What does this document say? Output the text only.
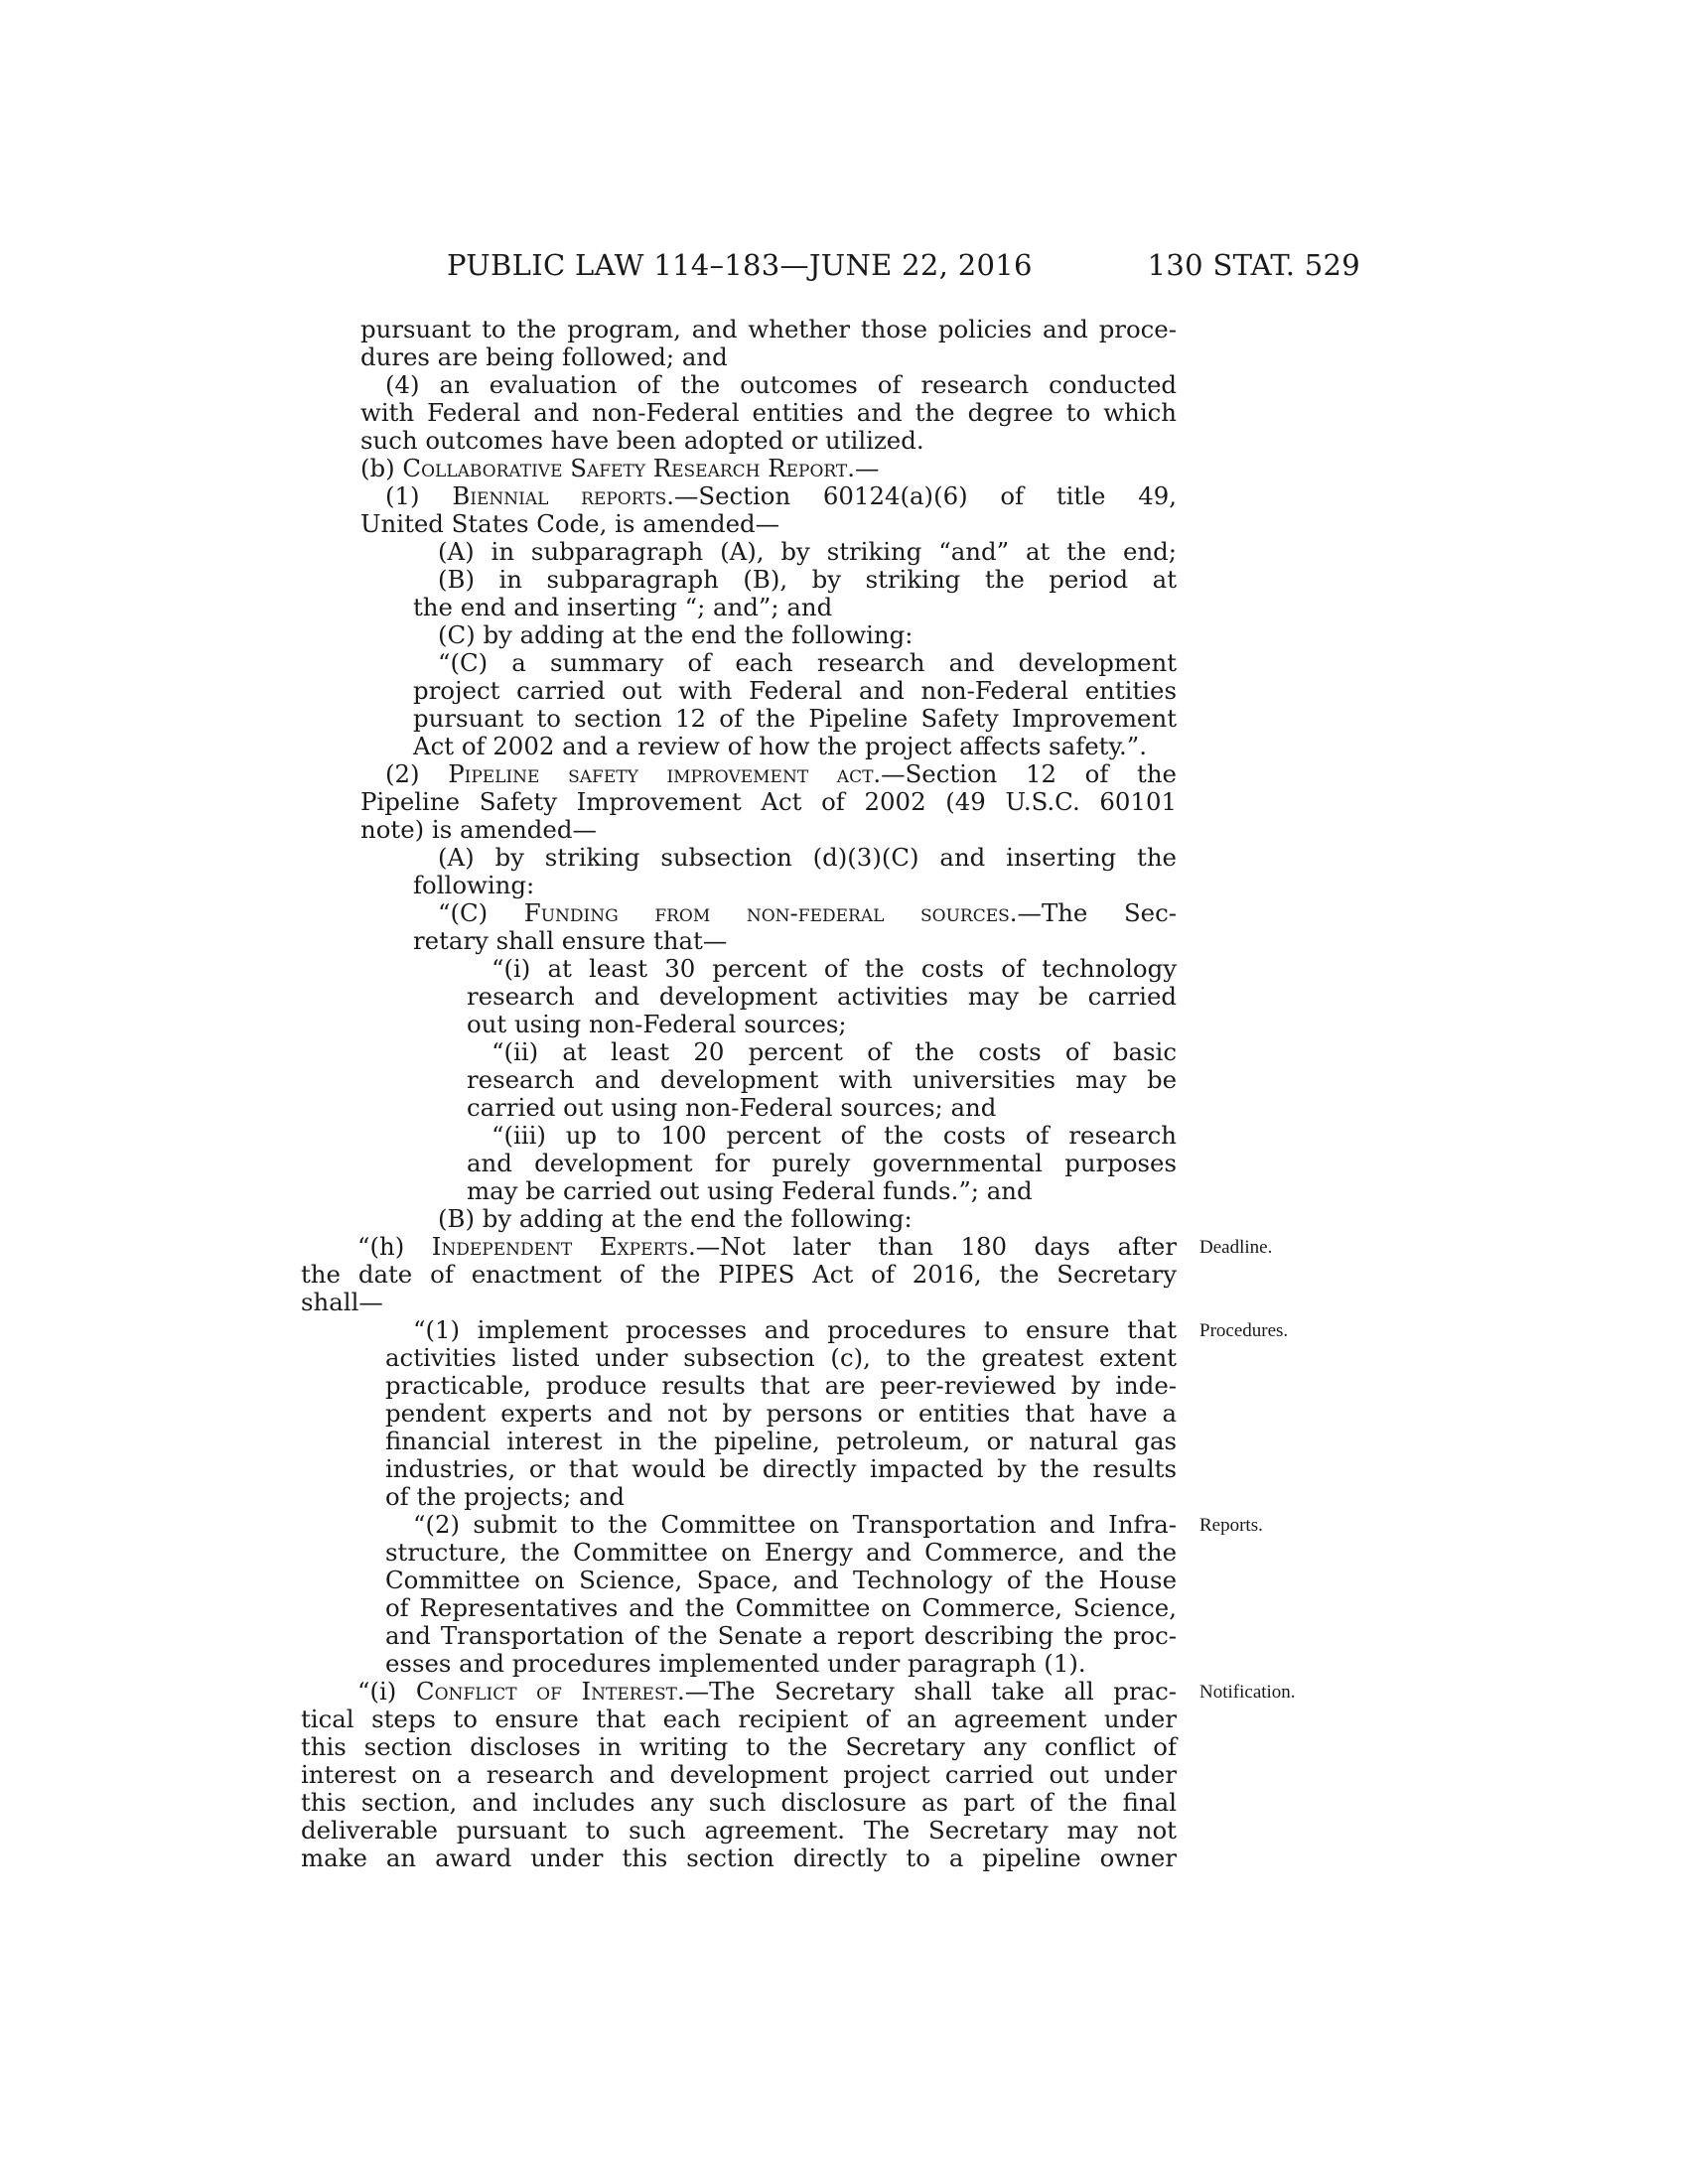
PUBLIC LAW 114–183—JUNE 22, 2016	130 STAT. 529
pursuant to the program, and whether those policies and proce-
dures are being followed; and
(4) an evaluation of the outcomes of research conducted
with Federal and non-Federal entities and the degree to which
such outcomes have been adopted or utilized.
(b) Collaborative Safety Research Report.—
(1) Biennial reports.—Section 60124(a)(6) of title 49,
United States Code, is amended—
(A) in subparagraph (A), by striking “and” at the end;
(B) in subparagraph (B), by striking the period at
the end and inserting “; and”; and
(C) by adding at the end the following:
“(C) a summary of each research and development
project carried out with Federal and non-Federal entities
pursuant to section 12 of the Pipeline Safety Improvement
Act of 2002 and a review of how the project affects safety.”.
(2) Pipeline safety improvement act.—Section 12 of the
Pipeline Safety Improvement Act of 2002 (49 U.S.C. 60101
note) is amended—
(A) by striking subsection (d)(3)(C) and inserting the
following:
“(C) Funding from non-federal sources.—The Sec-
retary shall ensure that—
“(i) at least 30 percent of the costs of technology
research and development activities may be carried
out using non-Federal sources;
“(ii) at least 20 percent of the costs of basic
research and development with universities may be
carried out using non-Federal sources; and
“(iii) up to 100 percent of the costs of research
and development for purely governmental purposes
may be carried out using Federal funds.”; and
(B) by adding at the end the following:
“(h) Independent Experts.—Not later than 180 days after
the date of enactment of the PIPES Act of 2016, the Secretary
shall—
“(1) implement processes and procedures to ensure that
activities listed under subsection (c), to the greatest extent
practicable, produce results that are peer-reviewed by inde-
pendent experts and not by persons or entities that have a
financial interest in the pipeline, petroleum, or natural gas
industries, or that would be directly impacted by the results
of the projects; and
“(2) submit to the Committee on Transportation and Infra-
structure, the Committee on Energy and Commerce, and the
Committee on Science, Space, and Technology of the House
of Representatives and the Committee on Commerce, Science,
and Transportation of the Senate a report describing the proc-
esses and procedures implemented under paragraph (1).
“(i) Conflict of Interest.—The Secretary shall take all prac-
tical steps to ensure that each recipient of an agreement under
this section discloses in writing to the Secretary any conflict of
interest on a research and development project carried out under
this section, and includes any such disclosure as part of the final
deliverable pursuant to such agreement. The Secretary may not
make an award under this section directly to a pipeline owner
Deadline.
Procedures.
Reports.
Notification.
